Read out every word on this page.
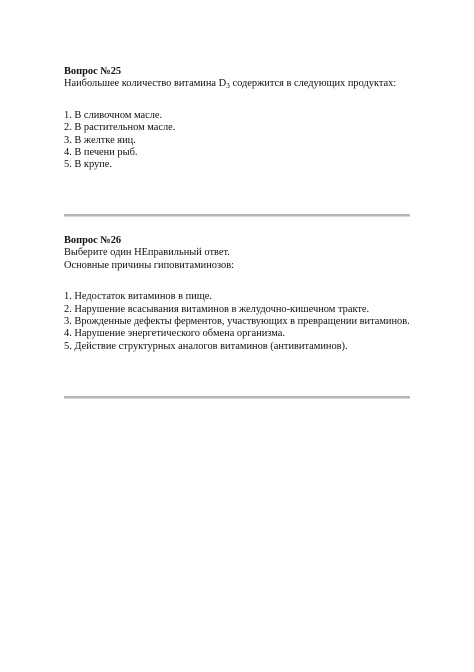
Вопрос №25

Наибольшее количество витамина $D_3$ содержится в следующих продуктах:

1. В сливочном масле.
2. В растительном масле.
3. В желтке яиц.
4. В печени рыб.
5. В крупе.

Вопрос №26

Выберите один НЕправильный ответ.

Основные причины гиповитаминозов:

1. Недостаток витаминов в пище.
2. Нарушение всасывания витаминов в желудочно-кишечном тракте.
3. Врожденные дефекты ферментов, участвующих в превращении витаминов.
4. Нарушение энергетического обмена организма.
5. Действие структурных аналогов витаминов (антивитаминов).
